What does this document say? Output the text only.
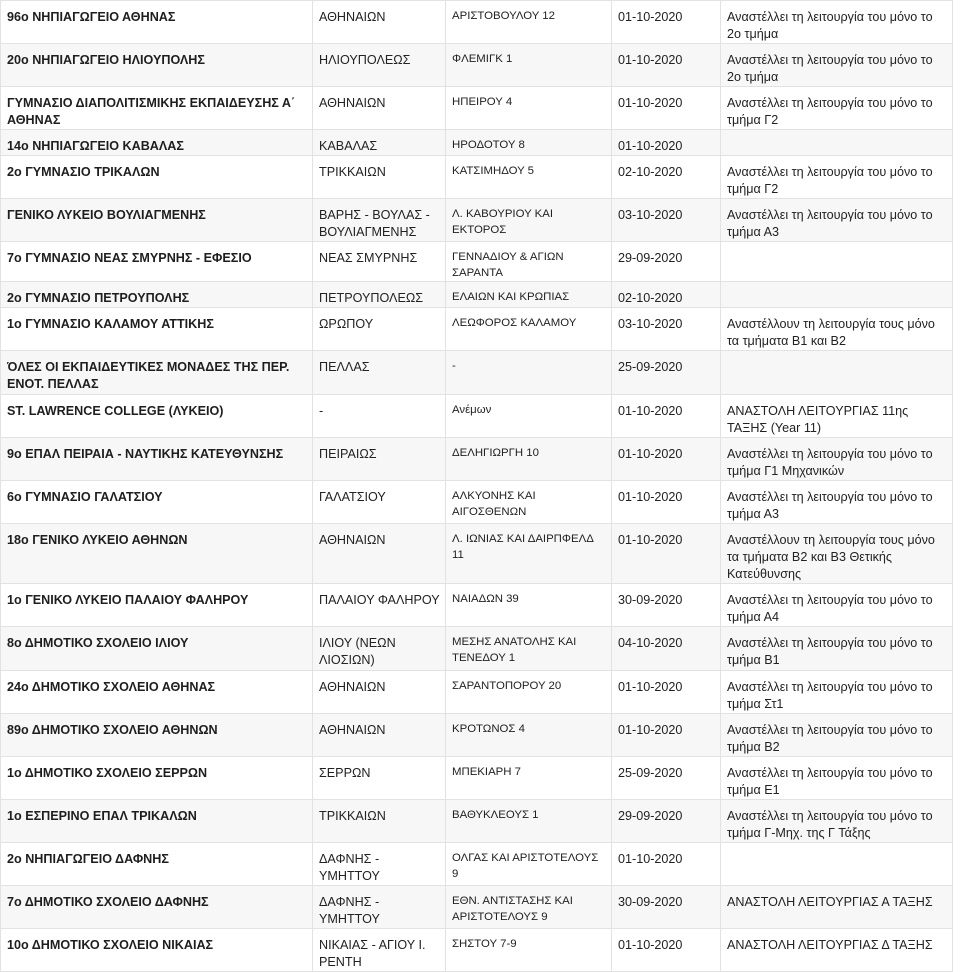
96ο ΝΗΠΙΑΓΩΓΕΙΟ ΑΘΗΝΑΣ	ΑΘΗΝΑΙΩΝ	ΑΡΙΣΤΟΒΟΥΛΟΥ 12	01-10-2020	Αναστέλλει τη λειτουργία του μόνο το 2ο τμήμα
20ο ΝΗΠΙΑΓΩΓΕΙΟ ΗΛΙΟΥΠΟΛΗΣ	ΗΛΙΟΥΠΟΛΕΩΣ	ΦΛΕΜΙΓΚ 1	01-10-2020	Αναστέλλει τη λειτουργία του μόνο το 2ο τμήμα
ΓΥΜΝΑΣΙΟ ΔΙΑΠΟΛΙΤΙΣΜΙΚΗΣ ΕΚΠΑΙΔΕΥΣΗΣ Α΄ ΑΘΗΝΑΣ	ΑΘΗΝΑΙΩΝ	ΗΠΕΙΡΟΥ 4	01-10-2020	Αναστέλλει τη λειτουργία του μόνο το τμήμα Γ2
14ο ΝΗΠΙΑΓΩΓΕΙΟ ΚΑΒΑΛΑΣ	ΚΑΒΑΛΑΣ	ΗΡΟΔΟΤΟΥ 8	01-10-2020	
2ο ΓΥΜΝΑΣΙΟ ΤΡΙΚΑΛΩΝ	ΤΡΙΚΚΑΙΩΝ	ΚΑΤΣΙΜΗΔΟΥ 5	02-10-2020	Αναστέλλει τη λειτουργία του μόνο το τμήμα Γ2
ΓΕΝΙΚΟ ΛΥΚΕΙΟ ΒΟΥΛΙΑΓΜΕΝΗΣ	ΒΑΡΗΣ - ΒΟΥΛΑΣ - ΒΟΥΛΙΑΓΜΕΝΗΣ	Λ. ΚΑΒΟΥΡΙΟΥ ΚΑΙ ΕΚΤΟΡΟΣ	03-10-2020	Αναστέλλει τη λειτουργία του μόνο το τμήμα Α3
7ο ΓΥΜΝΑΣΙΟ ΝΕΑΣ ΣΜΥΡΝΗΣ - ΕΦΕΣΙΟ	ΝΕΑΣ ΣΜΥΡΝΗΣ	ΓΕΝΝΑΔΙΟΥ & ΑΓΙΩΝ ΣΑΡΑΝΤΑ	29-09-2020	
2ο ΓΥΜΝΑΣΙΟ ΠΕΤΡΟΥΠΟΛΗΣ	ΠΕΤΡΟΥΠΟΛΕΩΣ	ΕΛΑΙΩΝ ΚΑΙ ΚΡΩΠΙΑΣ	02-10-2020	
1ο ΓΥΜΝΑΣΙΟ ΚΑΛΑΜΟΥ ΑΤΤΙΚΗΣ	ΩΡΩΠΟΥ	ΛΕΩΦΟΡΟΣ ΚΑΛΑΜΟΥ	03-10-2020	Αναστέλλουν τη λειτουργία τους μόνο τα τμήματα Β1 και Β2
ΌΛΕΣ ΟΙ ΕΚΠΑΙΔΕΥΤΙΚΕΣ ΜΟΝΑΔΕΣ ΤΗΣ ΠΕΡ. ΕΝΟΤ. ΠΕΛΛΑΣ	ΠΕΛΛΑΣ	-	25-09-2020	
ST. LAWRENCE COLLEGE (ΛΥΚΕΙΟ)	-	Ανέμων	01-10-2020	ΑΝΑΣΤΟΛΗ ΛΕΙΤΟΥΡΓΙΑΣ 11ης ΤΑΞΗΣ (Year 11)
9ο ΕΠΑΛ ΠΕΙΡΑΙΑ - ΝΑΥΤΙΚΗΣ ΚΑΤΕΥΘΥΝΣΗΣ	ΠΕΙΡΑΙΩΣ	ΔΕΛΗΓΙΩΡΓΗ 10	01-10-2020	Αναστέλλει τη λειτουργία του μόνο το τμήμα Γ1 Μηχανικών
6ο ΓΥΜΝΑΣΙΟ ΓΑΛΑΤΣΙΟΥ	ΓΑΛΑΤΣΙΟΥ	ΑΛΚΥΟΝΗΣ ΚΑΙ ΑΙΓΟΣΘΕΝΩΝ	01-10-2020	Αναστέλλει τη λειτουργία του μόνο το τμήμα Α3
18ο ΓΕΝΙΚΟ ΛΥΚΕΙΟ ΑΘΗΝΩΝ	ΑΘΗΝΑΙΩΝ	Λ. ΙΩΝΙΑΣ ΚΑΙ ΔΑΙΡΠΦΕΛΔ 11	01-10-2020	Αναστέλλουν τη λειτουργία τους μόνο τα τμήματα Β2 και Β3 Θετικής Κατεύθυνσης
1ο ΓΕΝΙΚΟ ΛΥΚΕΙΟ ΠΑΛΑΙΟΥ ΦΑΛΗΡΟΥ	ΠΑΛΑΙΟΥ ΦΑΛΗΡΟΥ	ΝΑΙΑΔΩΝ 39	30-09-2020	Αναστέλλει τη λειτουργία του μόνο το τμήμα Α4
8ο ΔΗΜΟΤΙΚΟ ΣΧΟΛΕΙΟ ΙΛΙΟΥ	ΙΛΙΟΥ (ΝΕΩΝ ΛΙΟΣΙΩΝ)	ΜΕΣΗΣ ΑΝΑΤΟΛΗΣ ΚΑΙ ΤΕΝΕΔΟΥ 1	04-10-2020	Αναστέλλει τη λειτουργία του μόνο το τμήμα Β1
24ο ΔΗΜΟΤΙΚΟ ΣΧΟΛΕΙΟ ΑΘΗΝΑΣ	ΑΘΗΝΑΙΩΝ	ΣΑΡΑΝΤΟΠΟΡΟΥ 20	01-10-2020	Αναστέλλει τη λειτουργία του μόνο το τμήμα Στ1
89ο ΔΗΜΟΤΙΚΟ ΣΧΟΛΕΙΟ ΑΘΗΝΩΝ	ΑΘΗΝΑΙΩΝ	ΚΡΟΤΩΝΟΣ 4	01-10-2020	Αναστέλλει τη λειτουργία του μόνο το τμήμα Β2
1ο ΔΗΜΟΤΙΚΟ ΣΧΟΛΕΙΟ ΣΕΡΡΩΝ	ΣΕΡΡΩΝ	ΜΠΕΚΙΑΡΗ 7	25-09-2020	Αναστέλλει τη λειτουργία του μόνο το τμήμα Ε1
1ο ΕΣΠΕΡΙΝΟ ΕΠΑΛ ΤΡΙΚΑΛΩΝ	ΤΡΙΚΚΑΙΩΝ	ΒΑΘΥΚΛΕΟΥΣ 1	29-09-2020	Αναστέλλει τη λειτουργία του μόνο το τμήμα Γ-Μηχ. της Γ Τάξης
2ο ΝΗΠΙΑΓΩΓΕΙΟ ΔΑΦΝΗΣ	ΔΑΦΝΗΣ - ΥΜΗΤΤΟΥ	ΟΛΓΑΣ ΚΑΙ ΑΡΙΣΤΟΤΕΛΟΥΣ 9	01-10-2020	
7ο ΔΗΜΟΤΙΚΟ ΣΧΟΛΕΙΟ ΔΑΦΝΗΣ	ΔΑΦΝΗΣ - ΥΜΗΤΤΟΥ	ΕΘΝ. ΑΝΤΙΣΤΑΣΗΣ ΚΑΙ ΑΡΙΣΤΟΤΕΛΟΥΣ 9	30-09-2020	ΑΝΑΣΤΟΛΗ ΛΕΙΤΟΥΡΓΙΑΣ Α ΤΑΞΗΣ
10ο ΔΗΜΟΤΙΚΟ ΣΧΟΛΕΙΟ ΝΙΚΑΙΑΣ	ΝΙΚΑΙΑΣ - ΑΓΙΟΥ Ι. ΡΕΝΤΗ	ΣΗΣΤΟΥ 7-9	01-10-2020	ΑΝΑΣΤΟΛΗ ΛΕΙΤΟΥΡΓΙΑΣ Δ ΤΑΞΗΣ
